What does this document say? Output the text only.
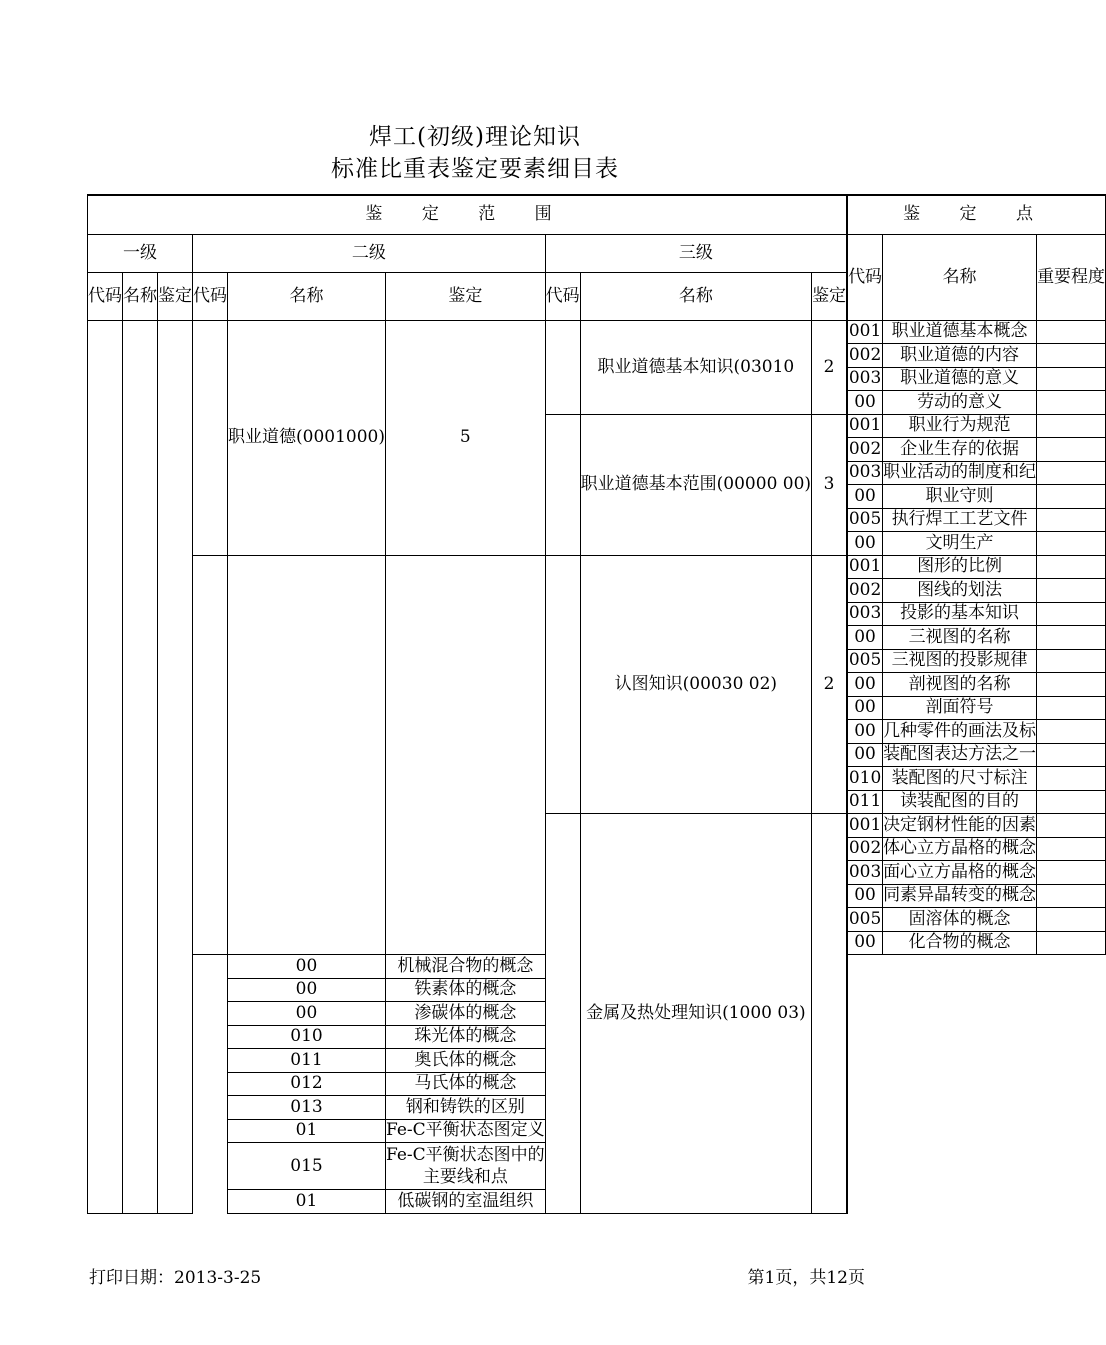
焊工(初级)理论知识
标准比重表鉴定要素细目表
鉴 定 范 围									鉴 定 点		
一级			二级			三级			代码	名称	重要程度
代码	名称	鉴定	代码	名称	鉴定	代码	名称	鉴定			
				职业道德(0001000)	5		职业道德基本知识(03010	2		001	职业道德基本概念	
									002	职业道德的内容	
									003	职业道德的意义	
									00	劳动的意义	
							职业道德基本范围(00000 00)	3		001	职业行为规范	
									002	企业生存的依据	
									003	职业活动的制度和纪	
									00	职业守则	
									005	执行焊工工艺文件	
									00	文明生产	
							认图知识(00030 02)	2		001	图形的比例	
									002	图线的划法	
									003	投影的基本知识	
									00	三视图的名称	
									005	三视图的投影规律	
									00	剖视图的名称	
									00	剖面符号	
									00	几种零件的画法及标	
									00	装配图表达方法之一	
									010	装配图的尺寸标注	
									011	读装配图的目的	
							金属及热处理知识(1000 03)			001	决定钢材性能的因素	
									002	体心立方晶格的概念	
									003	面心立方晶格的概念	
									00	同素异晶转变的概念	
									005	固溶体的概念	
									00	化合物的概念	
				00	机械混合物的概念						
				00	铁素体的概念						
				00	渗碳体的概念						
				010	珠光体的概念						
				011	奥氏体的概念						
				012	马氏体的概念						
				013	钢和铸铁的区别						
				01	Fe-C平衡状态图定义						
				015	Fe-C平衡状态图中的主要线和点						
				01	低碳钢的室温组织						
打印日期：2013-3-25	第1页，共12页
